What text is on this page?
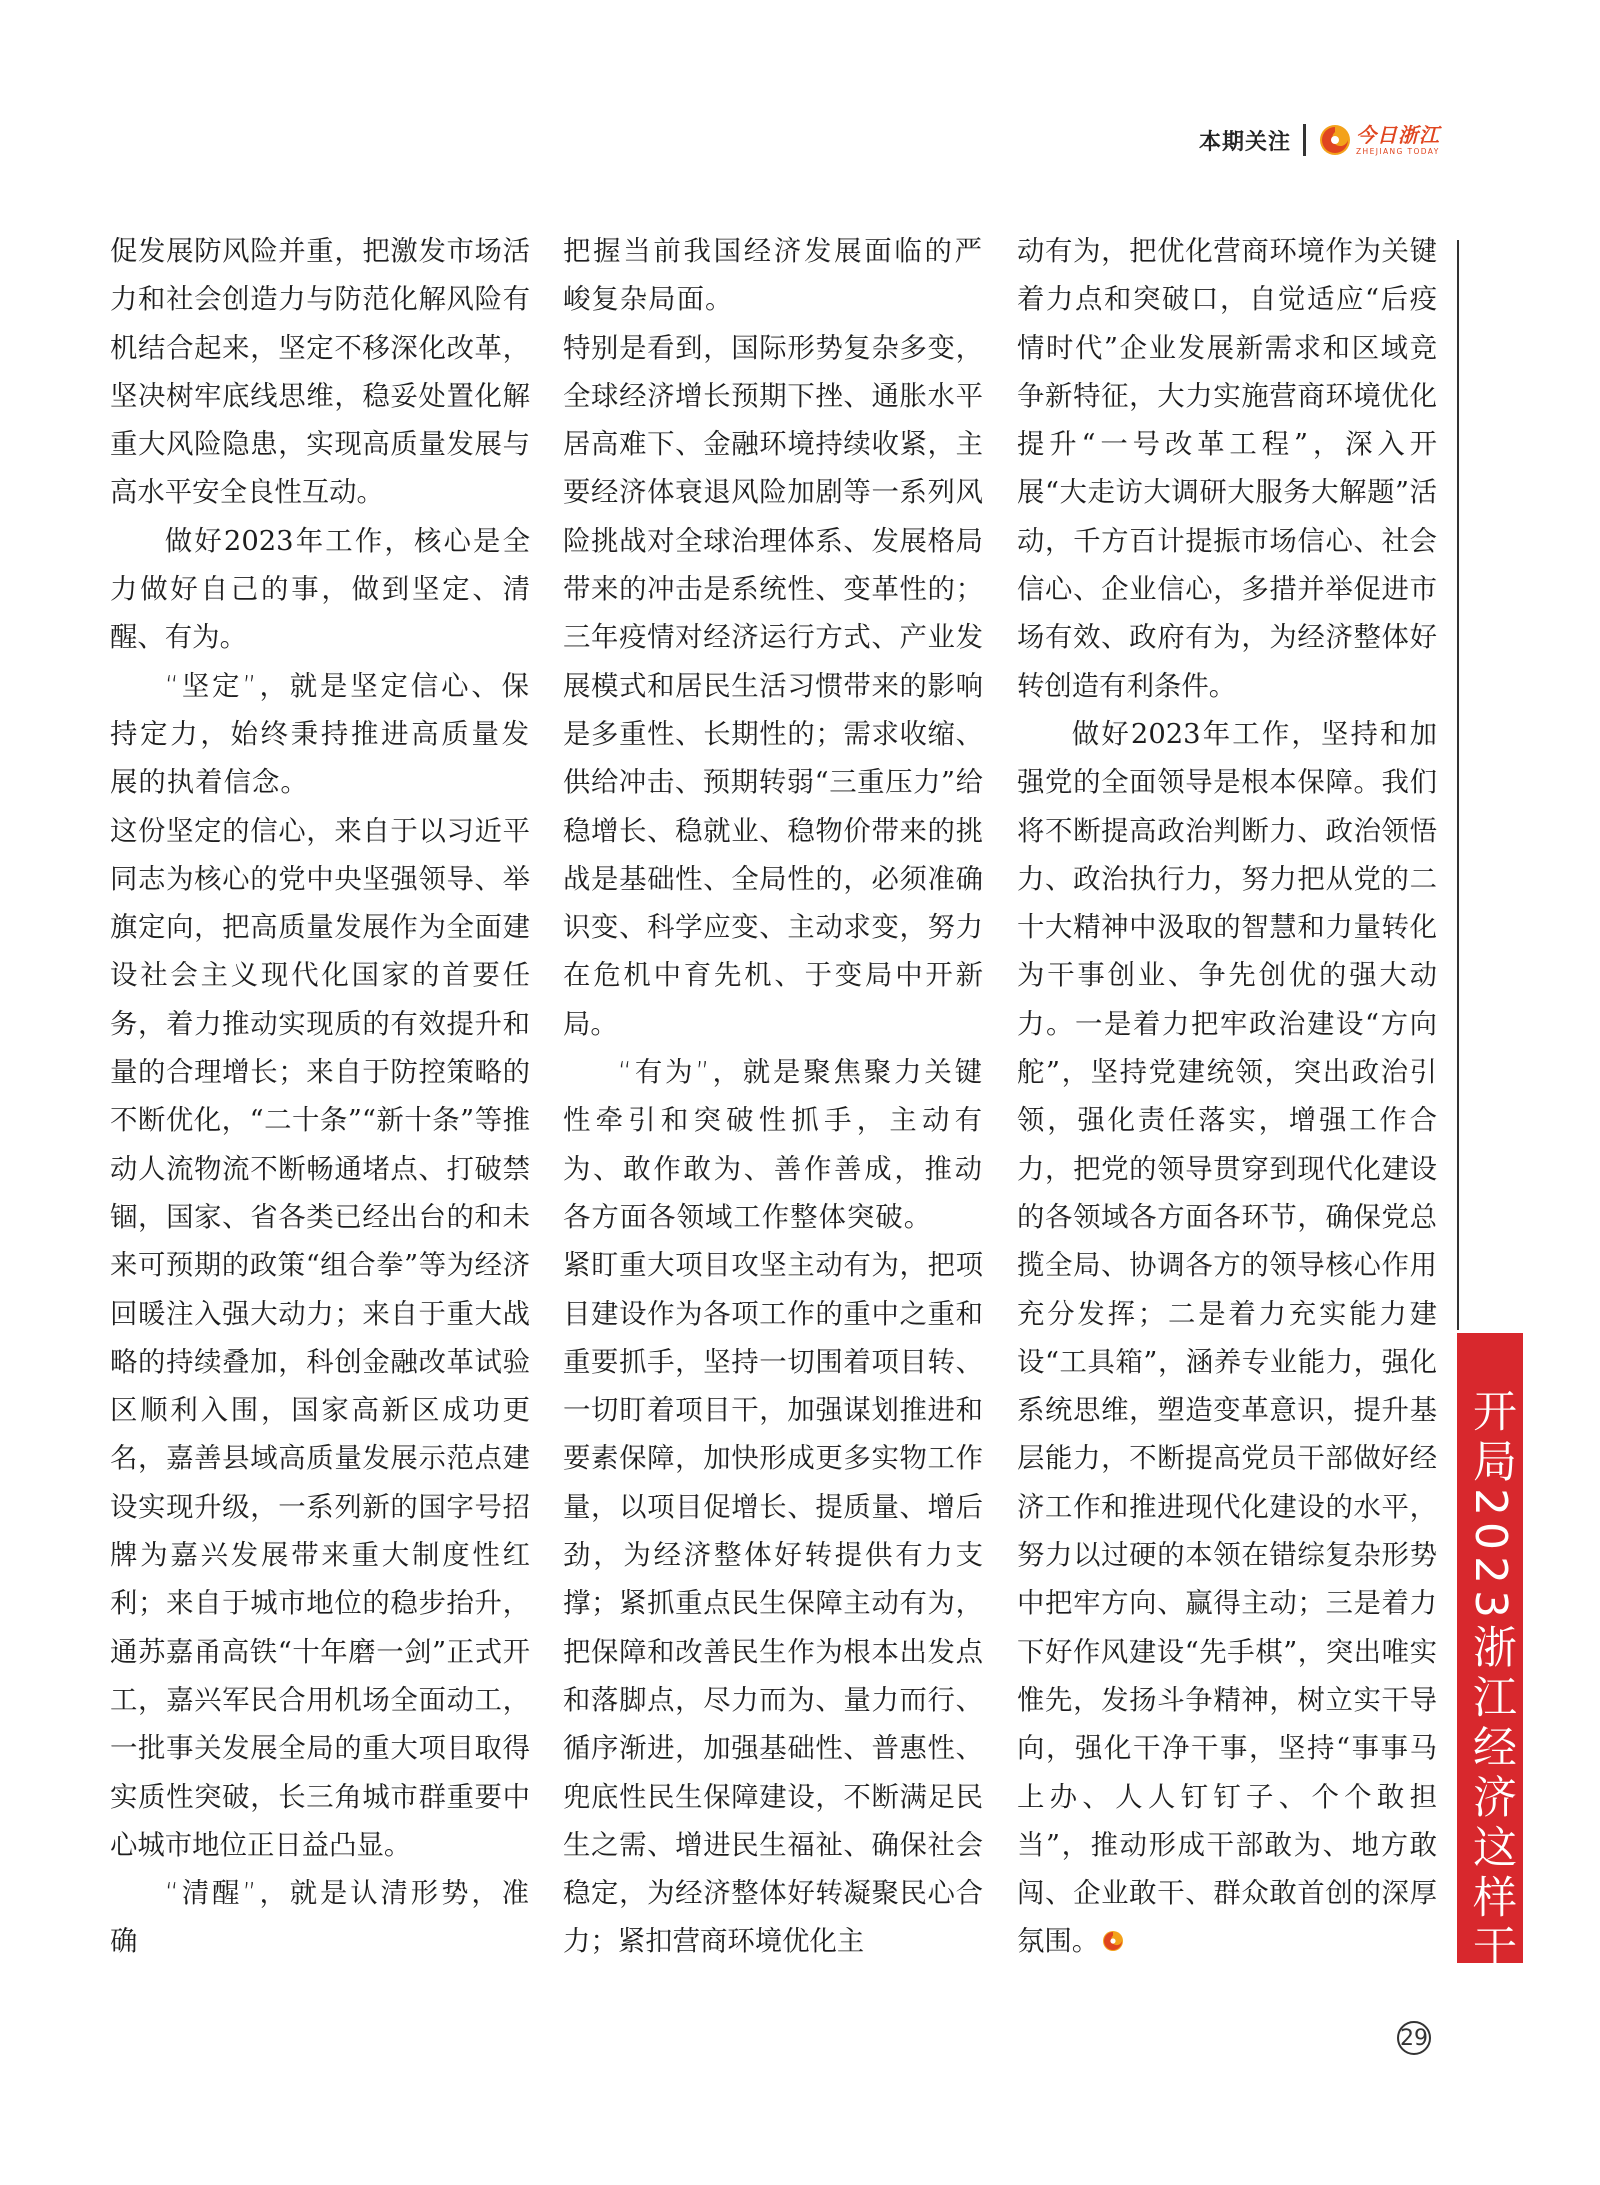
本期关注	今日浙江
ZHEJIANG TODAY

促发展防风险并重，把激发市场活力和社会创造力与防范化解风险有机结合起来，坚定不移深化改革，坚决树牢底线思维，稳妥处置化解重大风险隐患，实现高质量发展与高水平安全良性互动。

做好2023年工作，核心是全力做好自己的事，做到坚定、清醒、有为。

“坚定”，就是坚定信心、保持定力，始终秉持推进高质量发展的执着信念。

这份坚定的信心，来自于以习近平同志为核心的党中央坚强领导、举旗定向，把高质量发展作为全面建设社会主义现代化国家的首要任务，着力推动实现质的有效提升和量的合理增长；来自于防控策略的不断优化，“二十条”“新十条”等推动人流物流不断畅通堵点、打破禁锢，国家、省各类已经出台的和未来可预期的政策“组合拳”等为经济回暖注入强大动力；来自于重大战略的持续叠加，科创金融改革试验区顺利入围，国家高新区成功更名，嘉善县域高质量发展示范点建设实现升级，一系列新的国字号招牌为嘉兴发展带来重大制度性红利；来自于城市地位的稳步抬升，通苏嘉甬高铁“十年磨一剑”正式开工，嘉兴军民合用机场全面动工，一批事关发展全局的重大项目取得实质性突破，长三角城市群重要中心城市地位正日益凸显。

“清醒”，就是认清形势，准确

把握当前我国经济发展面临的严峻复杂局面。

特别是看到，国际形势复杂多变，全球经济增长预期下挫、通胀水平居高难下、金融环境持续收紧，主要经济体衰退风险加剧等一系列风险挑战对全球治理体系、发展格局带来的冲击是系统性、变革性的；三年疫情对经济运行方式、产业发展模式和居民生活习惯带来的影响是多重性、长期性的；需求收缩、供给冲击、预期转弱“三重压力”给稳增长、稳就业、稳物价带来的挑战是基础性、全局性的，必须准确识变、科学应变、主动求变，努力在危机中育先机、于变局中开新局。

“有为”，就是聚焦聚力关键性牵引和突破性抓手，主动有为、敢作敢为、善作善成，推动各方面各领域工作整体突破。

紧盯重大项目攻坚主动有为，把项目建设作为各项工作的重中之重和重要抓手，坚持一切围着项目转、一切盯着项目干，加强谋划推进和要素保障，加快形成更多实物工作量，以项目促增长、提质量、增后劲，为经济整体好转提供有力支撑；紧抓重点民生保障主动有为，把保障和改善民生作为根本出发点和落脚点，尽力而为、量力而行、循序渐进，加强基础性、普惠性、兜底性民生保障建设，不断满足民生之需、增进民生福祉、确保社会稳定，为经济整体好转凝聚民心合力；紧扣营商环境优化主

动有为，把优化营商环境作为关键着力点和突破口，自觉适应“后疫情时代”企业发展新需求和区域竞争新特征，大力实施营商环境优化提升“一号改革工程”，深入开展“大走访大调研大服务大解题”活动，千方百计提振市场信心、社会信心、企业信心，多措并举促进市场有效、政府有为，为经济整体好转创造有利条件。

做好2023年工作，坚持和加强党的全面领导是根本保障。我们将不断提高政治判断力、政治领悟力、政治执行力，努力把从党的二十大精神中汲取的智慧和力量转化为干事创业、争先创优的强大动力。一是着力把牢政治建设“方向舵”，坚持党建统领，突出政治引领，强化责任落实，增强工作合力，把党的领导贯穿到现代化建设的各领域各方面各环节，确保党总揽全局、协调各方的领导核心作用充分发挥；二是着力充实能力建设“工具箱”，涵养专业能力，强化系统思维，塑造变革意识，提升基层能力，不断提高党员干部做好经济工作和推进现代化建设的水平，努力以过硬的本领在错综复杂形势中把牢方向、赢得主动；三是着力下好作风建设“先手棋”，突出唯实惟先，发扬斗争精神，树立实干导向，强化干净干事，坚持“事事马上办、人人钉钉子、个个敢担当”，推动形成干部敢为、地方敢闯、企业敢干、群众敢首创的深厚氛围。

开局2023
浙江经济这样干
29
